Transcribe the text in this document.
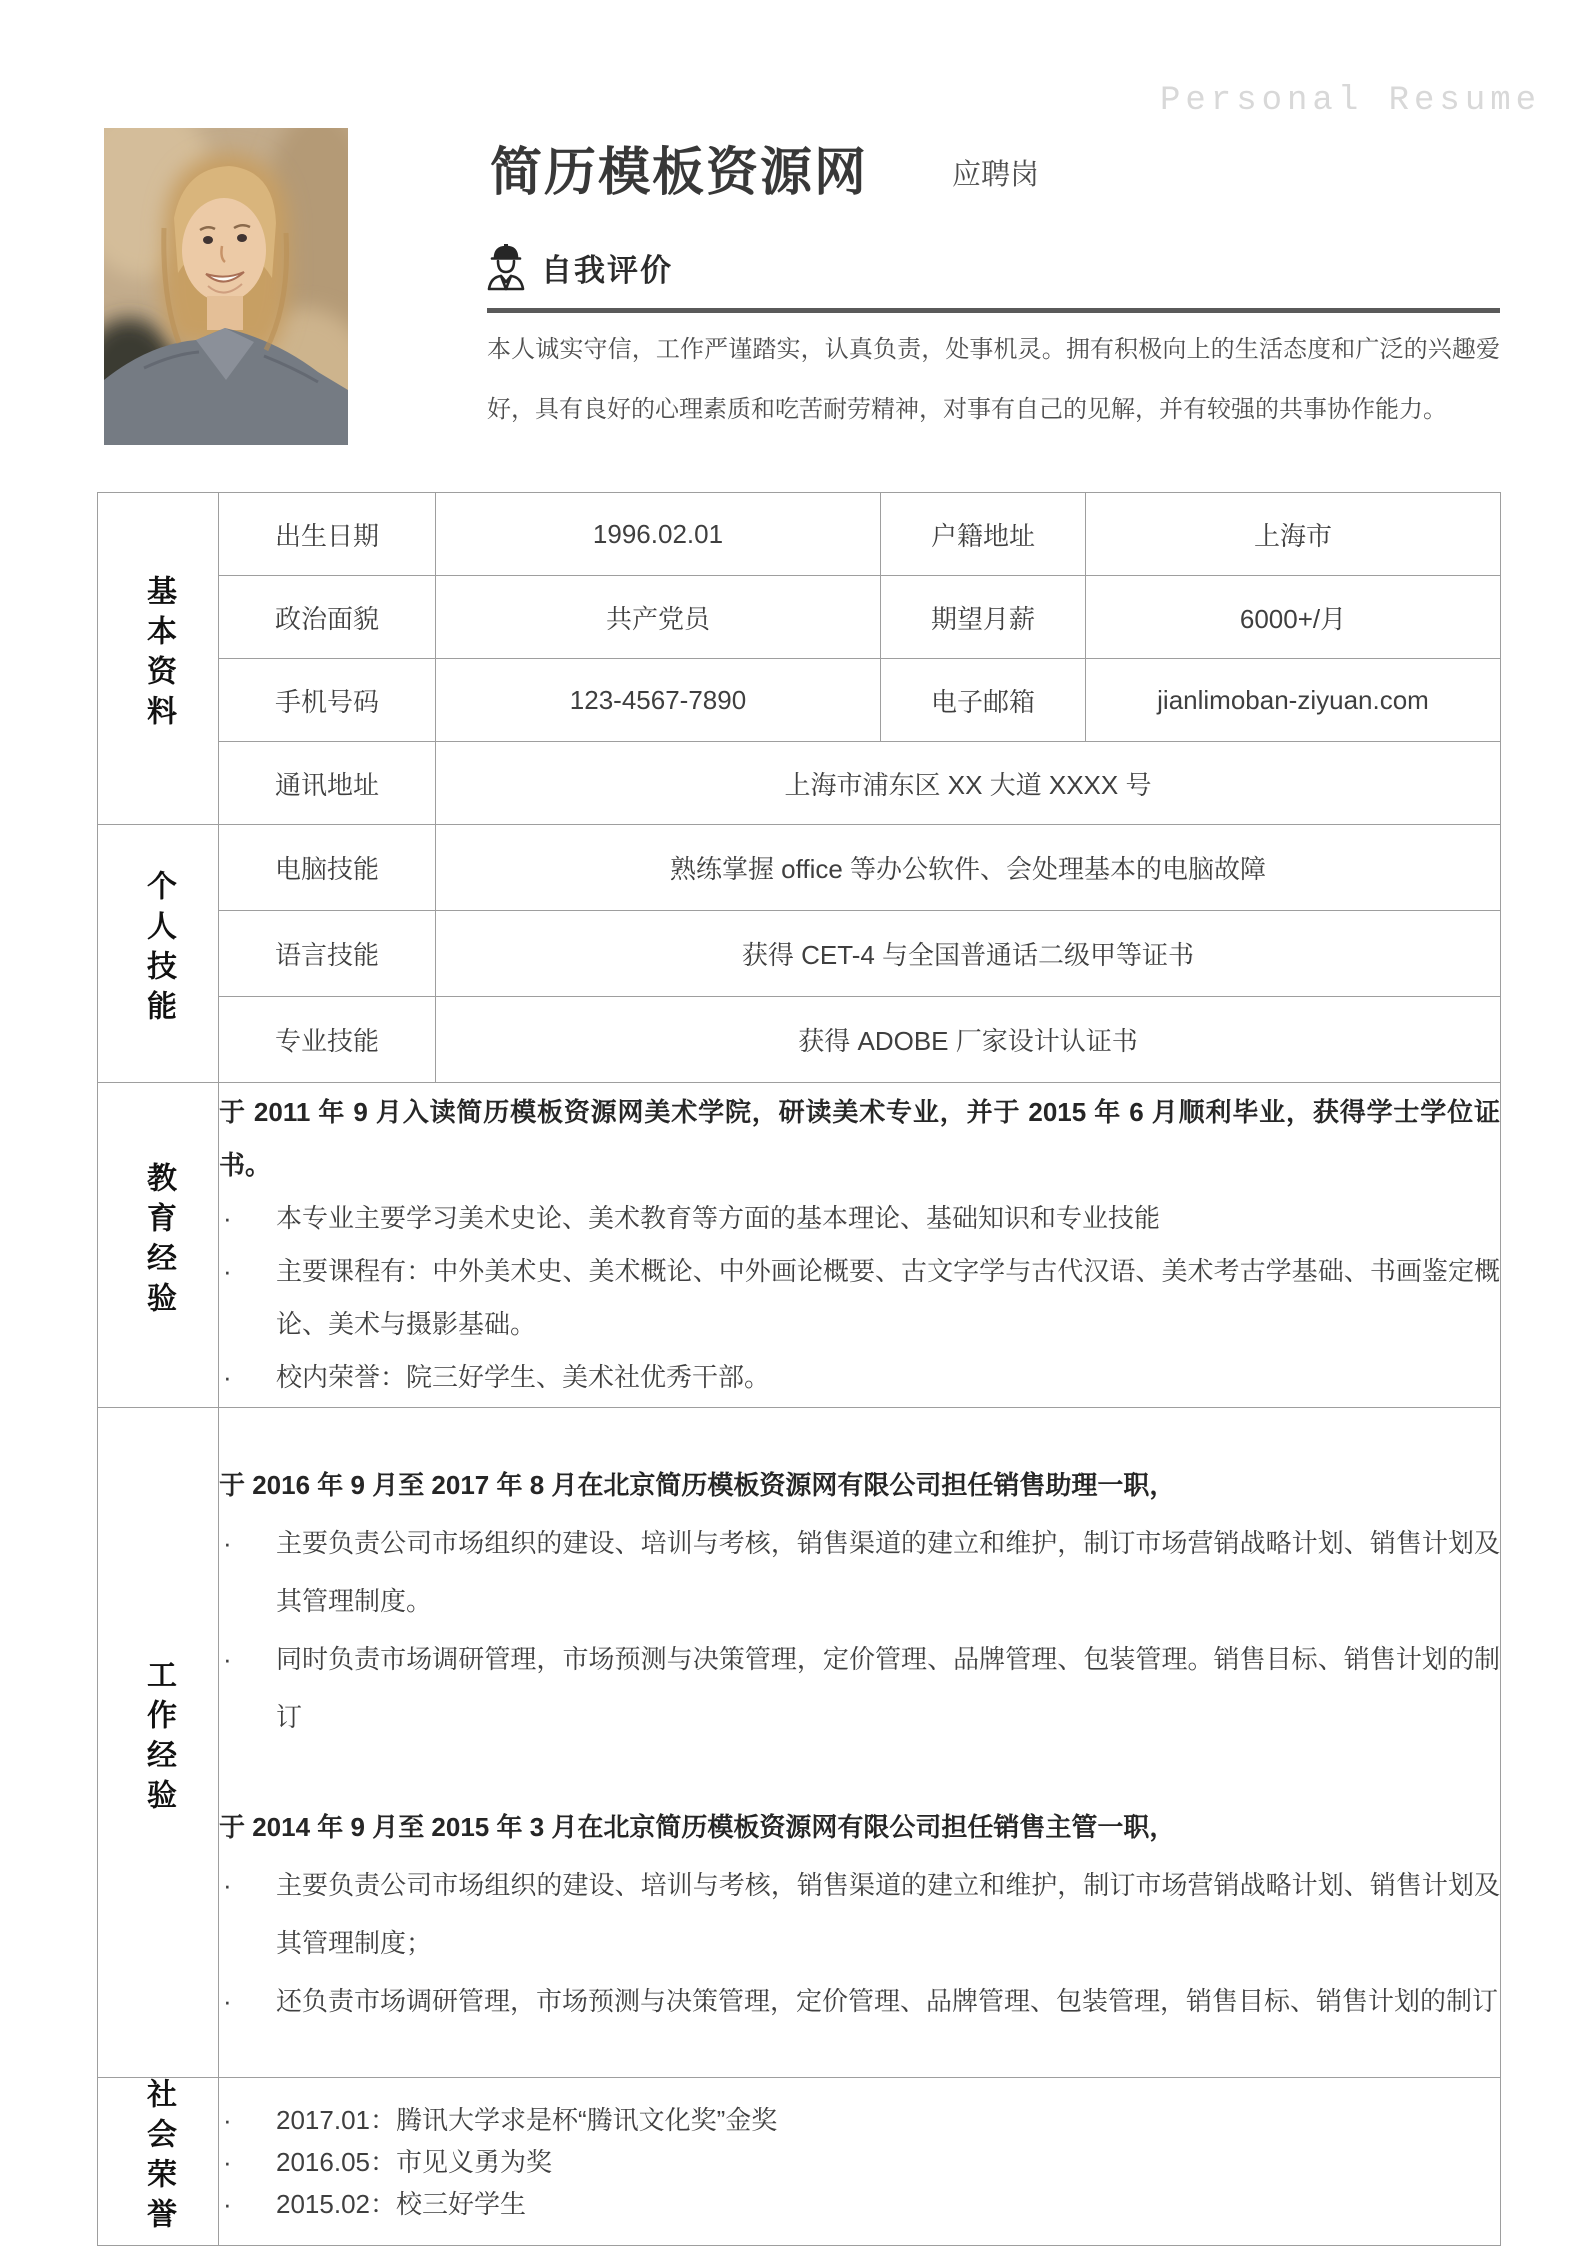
Personal Resume
简历模板资源网	应聘岗
自我评价
本人诚实守信，工作严谨踏实，认真负责，处事机灵。拥有积极向上的生活态度和广泛的兴趣爱好，具有良好的心理素质和吃苦耐劳精神，对事有自己的见解，并有较强的共事协作能力。
基本资料	出生日期	1996.02.01	户籍地址	上海市
	政治面貌	共产党员	期望月薪	6000+/月
	手机号码	123-4567-7890	电子邮箱	jianlimoban-ziyuan.com
	通讯地址	上海市浦东区 XX 大道 XXXX 号		
个人技能	电脑技能	熟练掌握 office 等办公软件、会处理基本的电脑故障		
	语言技能	获得 CET-4 与全国普通话二级甲等证书		
	专业技能	获得 ADOBE 厂家设计认证书		
教育经验	
于 2011 年 9 月入读简历模板资源网美术学院，研读美术专业，并于 2015 年 6 月顺利毕业，获得学士学位证书。
· 本专业主要学习美术史论、美术教育等方面的基本理论、基础知识和专业技能
· 主要课程有：中外美术史、美术概论、中外画论概要、古文字学与古代汉语、美术考古学基础、书画鉴定概论、美术与摄影基础。
· 校内荣誉：院三好学生、美术社优秀干部。

工作经验	
于 2016 年 9 月至 2017 年 8 月在北京简历模板资源网有限公司担任销售助理一职，
· 主要负责公司市场组织的建设、培训与考核，销售渠道的建立和维护，制订市场营销战略计划、销售计划及其管理制度。
· 同时负责市场调研管理，市场预测与决策管理，定价管理、品牌管理、包装管理。销售目标、销售计划的制订
于 2014 年 9 月至 2015 年 3 月在北京简历模板资源网有限公司担任销售主管一职，
· 主要负责公司市场组织的建设、培训与考核，销售渠道的建立和维护，制订市场营销战略计划、销售计划及其管理制度；
· 还负责市场调研管理，市场预测与决策管理，定价管理、品牌管理、包装管理，销售目标、销售计划的制订

社会荣誉	· 2017.01：腾讯大学求是杯“腾讯文化奖”金奖
· 2016.05：市见义勇为奖
· 2015.02：校三好学生
